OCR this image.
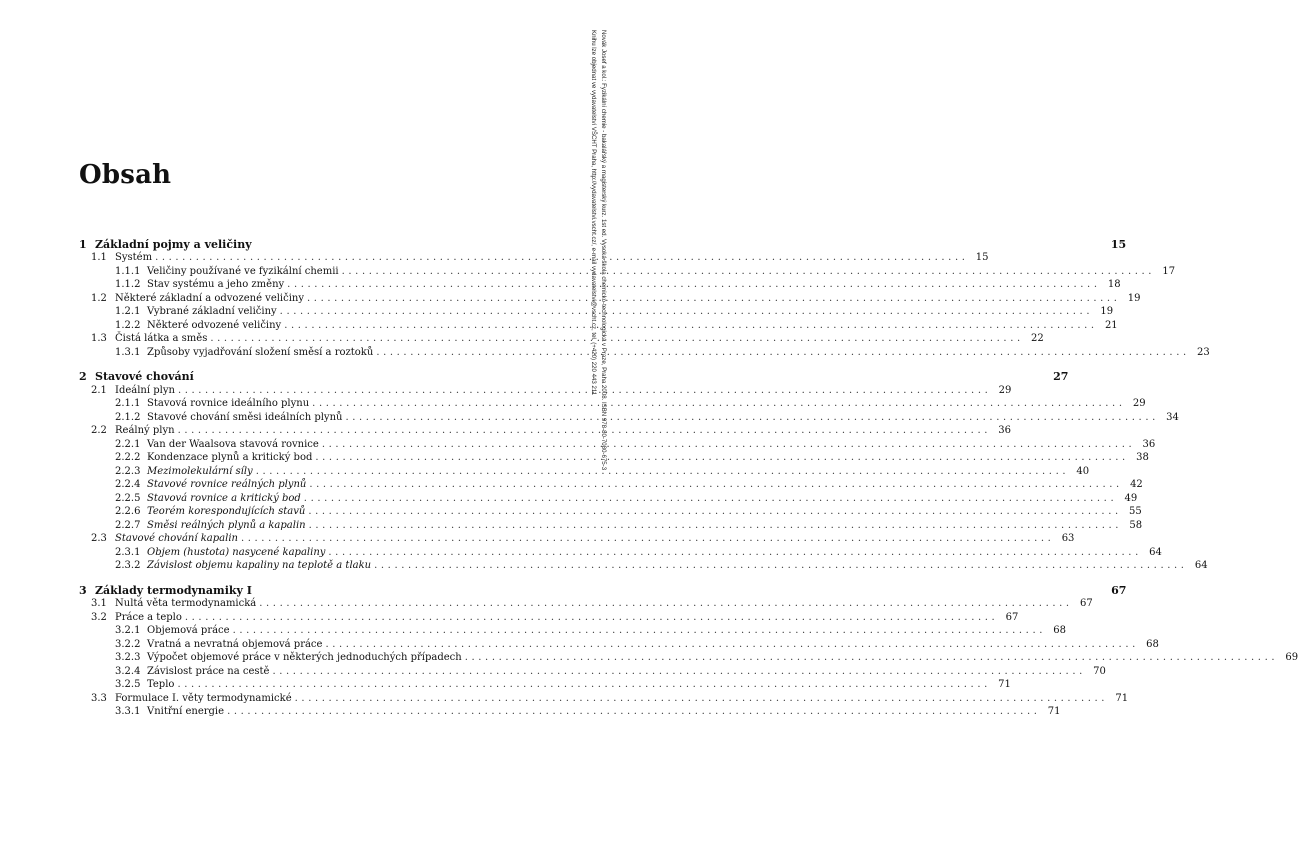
Novák Josef a kol.: Fyzikální chemie - bakalářský a magisterský kurz. 1st ed. Vysoká škola chemicko-technologická v Praze, Praha 2008. ISBN 978-80-7080-675-3
Knihu lze objednat ve vydavatelství VŠCHT Praha, http://vydavatelstvi.vscht.cz/, e-mail vydavatelstvi@vscht.cz, tel. (+420) 220 443 211
Obsah
1 Základní pojmy a veličiny	15
1.1 Systém ........................................................................................................................ 15
1.1.1 Veličiny používané ve fyzikální chemii ........................................................................................................................ 17
1.1.2 Stav systému a jeho změny ........................................................................................................................ 18
1.2 Některé základní a odvozené veličiny ........................................................................................................................ 19
1.2.1 Vybrané základní veličiny ........................................................................................................................ 19
1.2.2 Některé odvozené veličiny ........................................................................................................................ 21
1.3 Čistá látka a směs ........................................................................................................................ 22
1.3.1 Způsoby vyjadřování složení směsí a roztoků ........................................................................................................................ 23
2 Stavové chování	27
2.1 Ideální plyn ........................................................................................................................ 29
2.1.1 Stavová rovnice ideálního plynu ........................................................................................................................ 29
2.1.2 Stavové chování směsi ideálních plynů ........................................................................................................................ 34
2.2 Reálný plyn ........................................................................................................................ 36
2.2.1 Van der Waalsova stavová rovnice ........................................................................................................................ 36
2.2.2 Kondenzace plynů a kritický bod ........................................................................................................................ 38
2.2.3 Mezimolekulární síly ........................................................................................................................ 40
2.2.4 Stavové rovnice reálných plynů ........................................................................................................................ 42
2.2.5 Stavová rovnice a kritický bod ........................................................................................................................ 49
2.2.6 Teorém korespondujících stavů ........................................................................................................................ 55
2.2.7 Směsi reálných plynů a kapalin ........................................................................................................................ 58
2.3 Stavové chování kapalin ........................................................................................................................ 63
2.3.1 Objem (hustota) nasycené kapaliny ........................................................................................................................ 64
2.3.2 Závislost objemu kapaliny na teplotě a tlaku ........................................................................................................................ 64
3 Základy termodynamiky I	67
3.1 Nultá věta termodynamická ........................................................................................................................ 67
3.2 Práce a teplo ........................................................................................................................ 67
3.2.1 Objemová práce ........................................................................................................................ 68
3.2.2 Vratná a nevratná objemová práce ........................................................................................................................ 68
3.2.3 Výpočet objemové práce v některých jednoduchých případech ........................................................................................................................ 69
3.2.4 Závislost práce na cestě ........................................................................................................................ 70
3.2.5 Teplo ........................................................................................................................ 71
3.3 Formulace I. věty termodynamické ........................................................................................................................ 71
3.3.1 Vnitřní energie ........................................................................................................................ 71
